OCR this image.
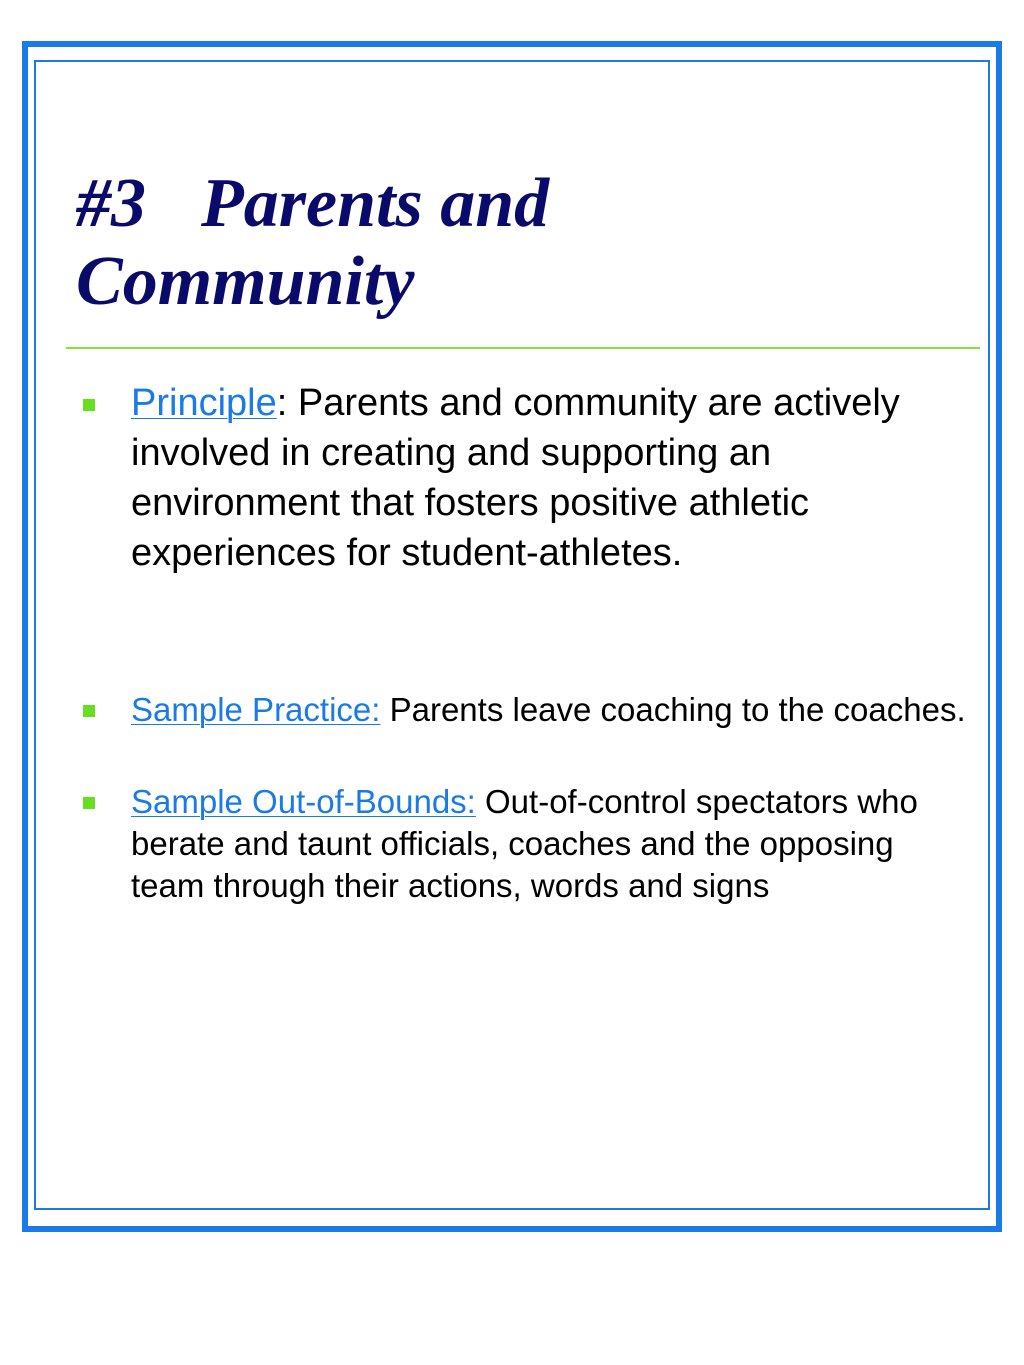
#3 Parents and
Community
Principle: Parents and community are actively involved in creating and supporting an environment that fosters positive athletic experiences for student-athletes.
Sample Practice: Parents leave coaching to the coaches.
Sample Out-of-Bounds: Out-of-control spectators who berate and taunt officials, coaches and the opposing team through their actions, words and signs
